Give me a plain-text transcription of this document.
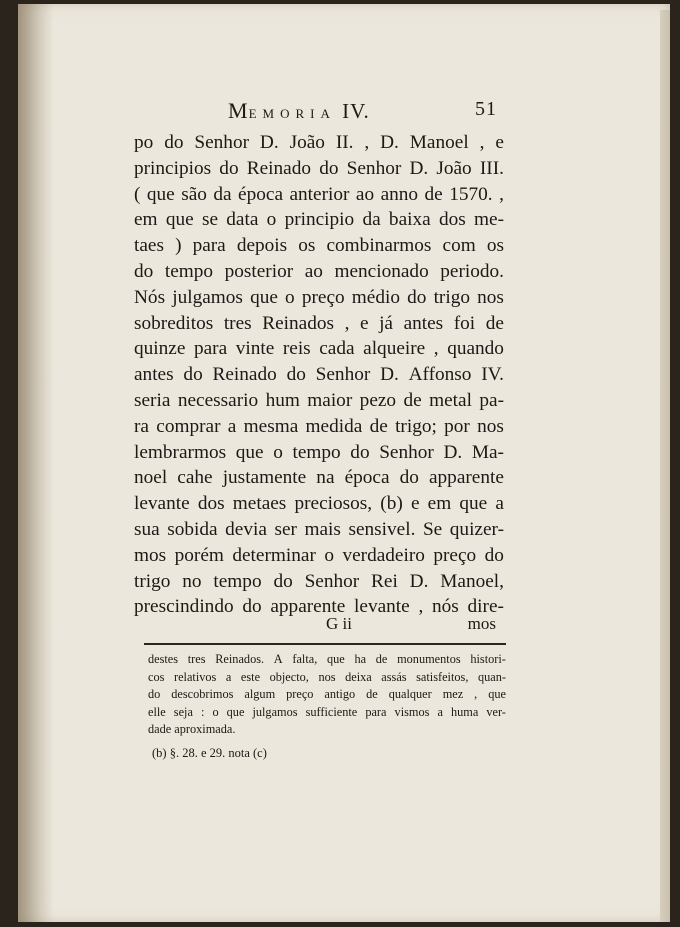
MEMORIA IV.	51
po do Senhor D. João II. , D. Manoel , e
principios do Reinado do Senhor D. João III.
( que são da época anterior ao anno de 1570. ,
em que se data o principio da baixa dos me-
taes ) para depois os combinarmos com os
do tempo posterior ao mencionado periodo.
Nós julgamos que o preço médio do trigo nos
sobreditos tres Reinados , e já antes foi de
quinze para vinte reis cada alqueire , quando
antes do Reinado do Senhor D. Affonso IV.
seria necessario hum maior pezo de metal pa-
ra comprar a mesma medida de trigo; por nos
lembrarmos que o tempo do Senhor D. Ma-
noel cahe justamente na época do apparente
levante dos metaes preciosos, (b) e em que a
sua sobida devia ser mais sensivel. Se quizer-
mos porém determinar o verdadeiro preço do
trigo no tempo do Senhor Rei D. Manoel,
prescindindo do apparente levante , nós dire-
G ii	mos
destes tres Reinados. A falta, que ha de monumentos histori-
cos relativos a este objecto, nos deixa assás satisfeitos, quan-
do descobrimos algum preço antigo de qualquer mez , que
elle seja : o que julgamos sufficiente para vismos a huma ver-
dade aproximada.
(b) §. 28. e 29. nota (c)
